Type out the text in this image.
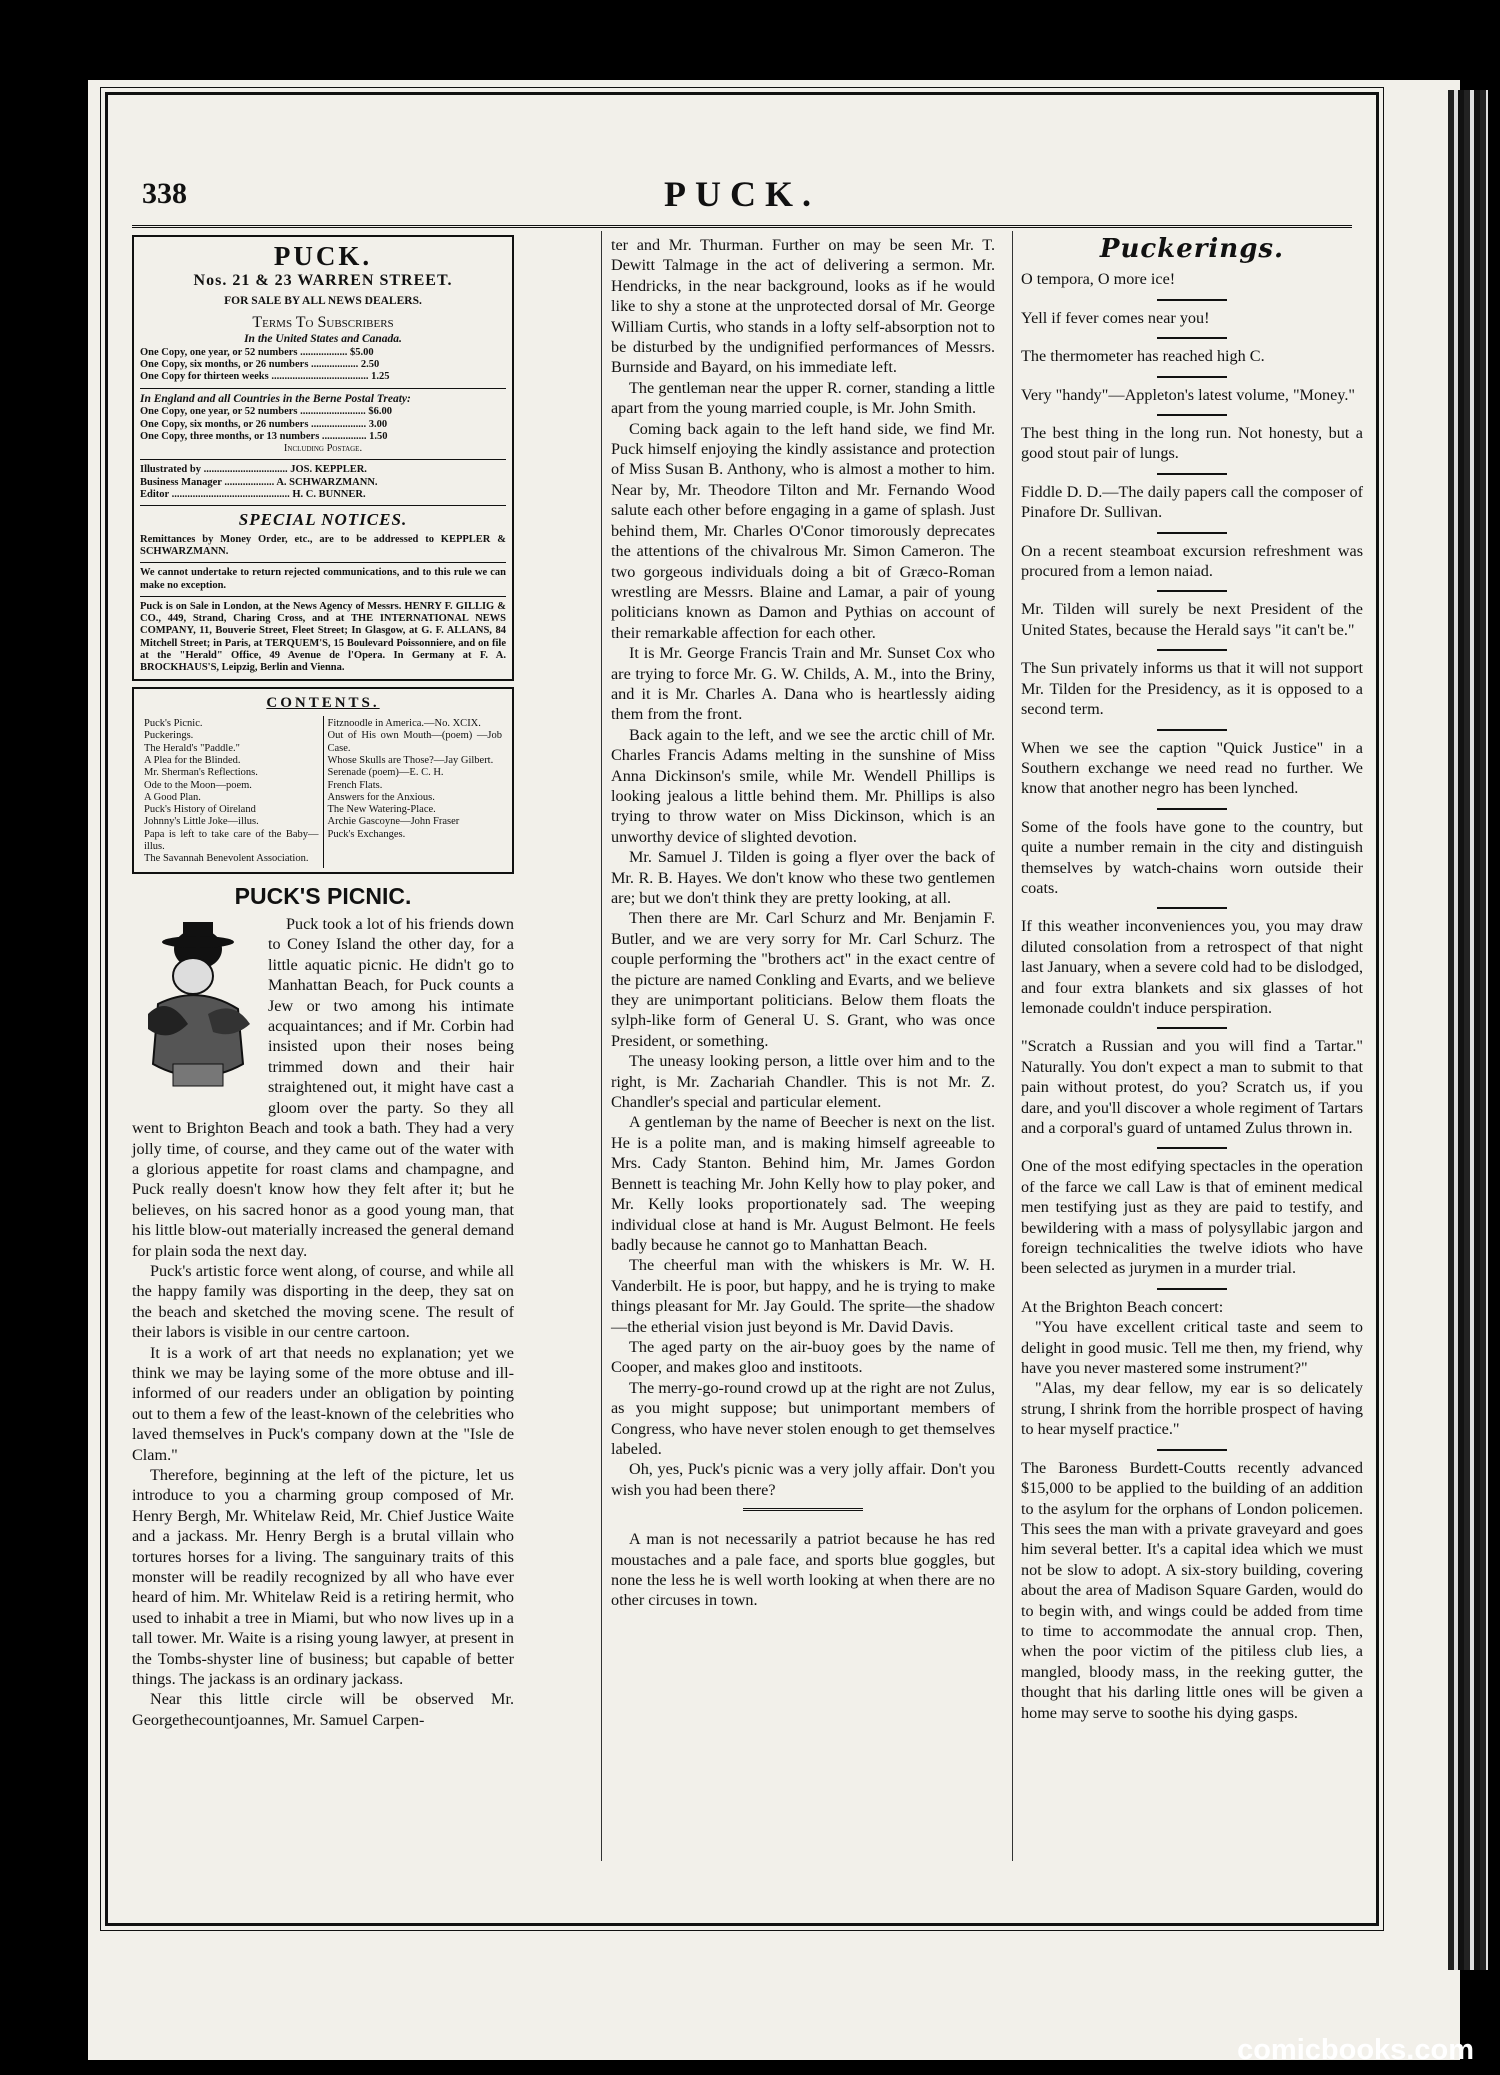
338	PUCK.
PUCK.
Nos. 21 & 23 WARREN STREET.
FOR SALE BY ALL NEWS DEALERS.
Terms To Subscribers
In the United States and Canada.
One Copy, one year, or 52 numbers .................. $5.00
One Copy, six months, or 26 numbers .................. 2.50
One Copy for thirteen weeks ..................................... 1.25
In England and all Countries in the Berne Postal Treaty:
One Copy, one year, or 52 numbers ......................... $6.00
One Copy, six months, or 26 numbers ..................... 3.00
One Copy, three months, or 13 numbers ................. 1.50
Including Postage.
Illustrated by ................................ JOS. KEPPLER.
Business Manager ................... A. SCHWARZMANN.
Editor ............................................. H. C. BUNNER.
SPECIAL NOTICES.
Remittances by Money Order, etc., are to be addressed to KEPPLER & SCHWARZMANN.
We cannot undertake to return rejected communications, and to this rule we can make no exception.
Puck is on Sale in London, at the News Agency of Messrs. HENRY F. GILLIG & CO., 449, Strand, Charing Cross, and at THE INTERNATIONAL NEWS COMPANY, 11, Bouverie Street, Fleet Street; In Glasgow, at G. F. ALLANS, 84 Mitchell Street; in Paris, at TERQUEM'S, 15 Boulevard Poissonniere, and on file at the "Herald" Office, 49 Avenue de l'Opera. In Germany at F. A. BROCKHAUS'S, Leipzig, Berlin and Vienna.
CONTENTS.
Puck's Picnic.
Puckerings.
The Herald's "Paddle."
A Plea for the Blinded.
Mr. Sherman's Reflections.
Ode to the Moon—poem.
A Good Plan.
Puck's History of Oireland
Johnny's Little Joke—illus.
Papa is left to take care of the Baby—illus.
The Savannah Benevolent Association.
Fitznoodle in America.—No. XCIX.
Out of His own Mouth—(poem) —Job Case.
Whose Skulls are Those?—Jay Gilbert.
Serenade (poem)—E. C. H.
French Flats.
Answers for the Anxious.
The New Watering-Place.
Archie Gascoyne—John Fraser
Puck's Exchanges.
PUCK'S PICNIC.

Puck took a lot of his friends down to Coney Island the other day, for a little aquatic picnic. He didn't go to Manhattan Beach, for Puck counts a Jew or two among his intimate acquaintances; and if Mr. Corbin had insisted upon their noses being trimmed down and their hair straightened out, it might have cast a gloom over the party. So they all went to Brighton Beach and took a bath. They had a very jolly time, of course, and they came out of the water with a glorious appetite for roast clams and champagne, and Puck really doesn't know how they felt after it; but he believes, on his sacred honor as a good young man, that his little blow-out materially increased the general demand for plain soda the next day.

Puck's artistic force went along, of course, and while all the happy family was disporting in the deep, they sat on the beach and sketched the moving scene. The result of their labors is visible in our centre cartoon.

It is a work of art that needs no explanation; yet we think we may be laying some of the more obtuse and ill-informed of our readers under an obligation by pointing out to them a few of the least-known of the celebrities who laved themselves in Puck's company down at the "Isle de Clam."

Therefore, beginning at the left of the picture, let us introduce to you a charming group composed of Mr. Henry Bergh, Mr. Whitelaw Reid, Mr. Chief Justice Waite and a jackass. Mr. Henry Bergh is a brutal villain who tortures horses for a living. The sanguinary traits of this monster will be readily recognized by all who have ever heard of him. Mr. Whitelaw Reid is a retiring hermit, who used to inhabit a tree in Miami, but who now lives up in a tall tower. Mr. Waite is a rising young lawyer, at present in the Tombs-shyster line of business; but capable of better things. The jackass is an ordinary jackass.

Near this little circle will be observed Mr. Georgethecountjoannes, Mr. Samuel Carpen-

ter and Mr. Thurman. Further on may be seen Mr. T. Dewitt Talmage in the act of delivering a sermon. Mr. Hendricks, in the near background, looks as if he would like to shy a stone at the unprotected dorsal of Mr. George William Curtis, who stands in a lofty self-absorption not to be disturbed by the undignified performances of Messrs. Burnside and Bayard, on his immediate left.

The gentleman near the upper R. corner, standing a little apart from the young married couple, is Mr. John Smith.

Coming back again to the left hand side, we find Mr. Puck himself enjoying the kindly assistance and protection of Miss Susan B. Anthony, who is almost a mother to him. Near by, Mr. Theodore Tilton and Mr. Fernando Wood salute each other before engaging in a game of splash. Just behind them, Mr. Charles O'Conor timorously deprecates the attentions of the chivalrous Mr. Simon Cameron. The two gorgeous individuals doing a bit of Græco-Roman wrestling are Messrs. Blaine and Lamar, a pair of young politicians known as Damon and Pythias on account of their remarkable affection for each other.

It is Mr. George Francis Train and Mr. Sunset Cox who are trying to force Mr. G. W. Childs, A. M., into the Briny, and it is Mr. Charles A. Dana who is heartlessly aiding them from the front.

Back again to the left, and we see the arctic chill of Mr. Charles Francis Adams melting in the sunshine of Miss Anna Dickinson's smile, while Mr. Wendell Phillips is looking jealous a little behind them. Mr. Phillips is also trying to throw water on Miss Dickinson, which is an unworthy device of slighted devotion.

Mr. Samuel J. Tilden is going a flyer over the back of Mr. R. B. Hayes. We don't know who these two gentlemen are; but we don't think they are pretty looking, at all.

Then there are Mr. Carl Schurz and Mr. Benjamin F. Butler, and we are very sorry for Mr. Carl Schurz. The couple performing the "brothers act" in the exact centre of the picture are named Conkling and Evarts, and we believe they are unimportant politicians. Below them floats the sylph-like form of General U. S. Grant, who was once President, or something.

The uneasy looking person, a little over him and to the right, is Mr. Zachariah Chandler. This is not Mr. Z. Chandler's special and particular element.

A gentleman by the name of Beecher is next on the list. He is a polite man, and is making himself agreeable to Mrs. Cady Stanton. Behind him, Mr. James Gordon Bennett is teaching Mr. John Kelly how to play poker, and Mr. Kelly looks proportionately sad. The weeping individual close at hand is Mr. August Belmont. He feels badly because he cannot go to Manhattan Beach.

The cheerful man with the whiskers is Mr. W. H. Vanderbilt. He is poor, but happy, and he is trying to make things pleasant for Mr. Jay Gould. The sprite—the shadow—the etherial vision just beyond is Mr. David Davis.

The aged party on the air-buoy goes by the name of Cooper, and makes gloo and institoots.

The merry-go-round crowd up at the right are not Zulus, as you might suppose; but unimportant members of Congress, who have never stolen enough to get themselves labeled.

Oh, yes, Puck's picnic was a very jolly affair. Don't you wish you had been there?

A man is not necessarily a patriot because he has red moustaches and a pale face, and sports blue goggles, but none the less he is well worth looking at when there are no other circuses in town.

Puckerings.

O tempora, O more ice!

Yell if fever comes near you!

The thermometer has reached high C.

Very "handy"—Appleton's latest volume, "Money."

The best thing in the long run. Not honesty, but a good stout pair of lungs.

Fiddle D. D.—The daily papers call the composer of Pinafore Dr. Sullivan.

On a recent steamboat excursion refreshment was procured from a lemon naiad.

Mr. Tilden will surely be next President of the United States, because the Herald says "it can't be."

The Sun privately informs us that it will not support Mr. Tilden for the Presidency, as it is opposed to a second term.

When we see the caption "Quick Justice" in a Southern exchange we need read no further. We know that another negro has been lynched.

Some of the fools have gone to the country, but quite a number remain in the city and distinguish themselves by watch-chains worn outside their coats.

If this weather inconveniences you, you may draw diluted consolation from a retrospect of that night last January, when a severe cold had to be dislodged, and four extra blankets and six glasses of hot lemonade couldn't induce perspiration.

"Scratch a Russian and you will find a Tartar." Naturally. You don't expect a man to submit to that pain without protest, do you? Scratch us, if you dare, and you'll discover a whole regiment of Tartars and a corporal's guard of untamed Zulus thrown in.

One of the most edifying spectacles in the operation of the farce we call Law is that of eminent medical men testifying just as they are paid to testify, and bewildering with a mass of polysyllabic jargon and foreign technicalities the twelve idiots who have been selected as jurymen in a murder trial.

At the Brighton Beach concert:

"You have excellent critical taste and seem to delight in good music. Tell me then, my friend, why have you never mastered some instrument?"

"Alas, my dear fellow, my ear is so delicately strung, I shrink from the horrible prospect of having to hear myself practice."

The Baroness Burdett-Coutts recently advanced $15,000 to be applied to the building of an addition to the asylum for the orphans of London policemen. This sees the man with a private graveyard and goes him several better. It's a capital idea which we must not be slow to adopt. A six-story building, covering about the area of Madison Square Garden, would do to begin with, and wings could be added from time to time to accommodate the annual crop. Then, when the poor victim of the pitiless club lies, a mangled, bloody mass, in the reeking gutter, the thought that his darling little ones will be given a home may serve to soothe his dying gasps.

comicbooks.com
